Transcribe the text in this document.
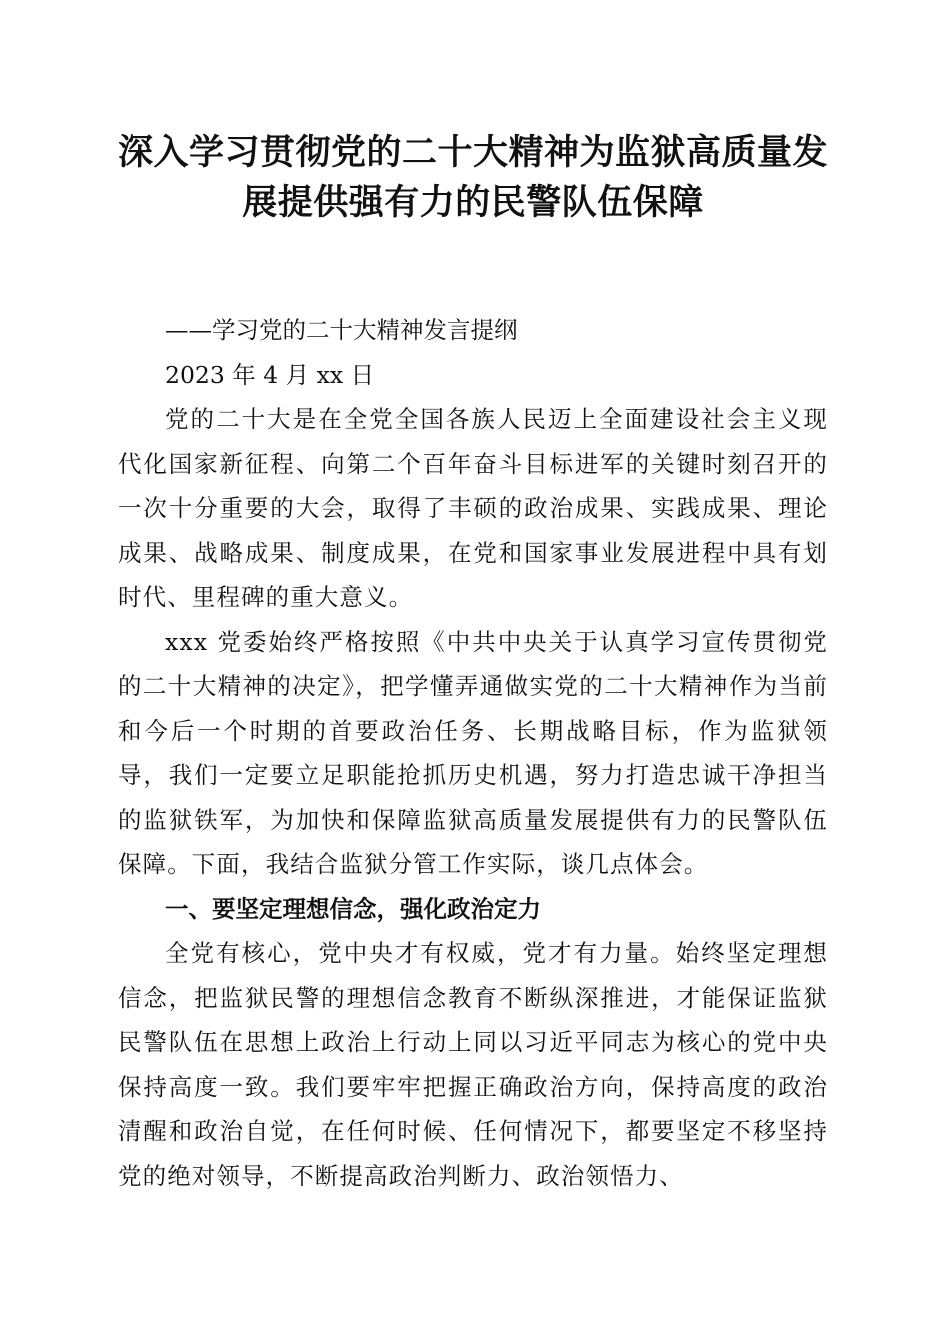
深入学习贯彻党的二十大精神为监狱高质量发
展提供强有力的民警队伍保障

——学习党的二十大精神发言提纲

2023 年 4 月 xx 日

党的二十大是在全党全国各族人民迈上全面建设社会主义现代化国家新征程、向第二个百年奋斗目标进军的关键时刻召开的一次十分重要的大会，取得了丰硕的政治成果、实践成果、理论成果、战略成果、制度成果，在党和国家事业发展进程中具有划时代、里程碑的重大意义。

xxx 党委始终严格按照《中共中央关于认真学习宣传贯彻党的二十大精神的决定》，把学懂弄通做实党的二十大精神作为当前和今后一个时期的首要政治任务、长期战略目标，作为监狱领导，我们一定要立足职能抢抓历史机遇，努力打造忠诚干净担当的监狱铁军，为加快和保障监狱高质量发展提供有力的民警队伍保障。下面，我结合监狱分管工作实际，谈几点体会。

一、要坚定理想信念，强化政治定力

全党有核心，党中央才有权威，党才有力量。始终坚定理想信念，把监狱民警的理想信念教育不断纵深推进，才能保证监狱民警队伍在思想上政治上行动上同以习近平同志为核心的党中央保持高度一致。我们要牢牢把握正确政治方向，保持高度的政治清醒和政治自觉，在任何时候、任何情况下，都要坚定不移坚持党的绝对领导，不断提高政治判断力、政治领悟力、
